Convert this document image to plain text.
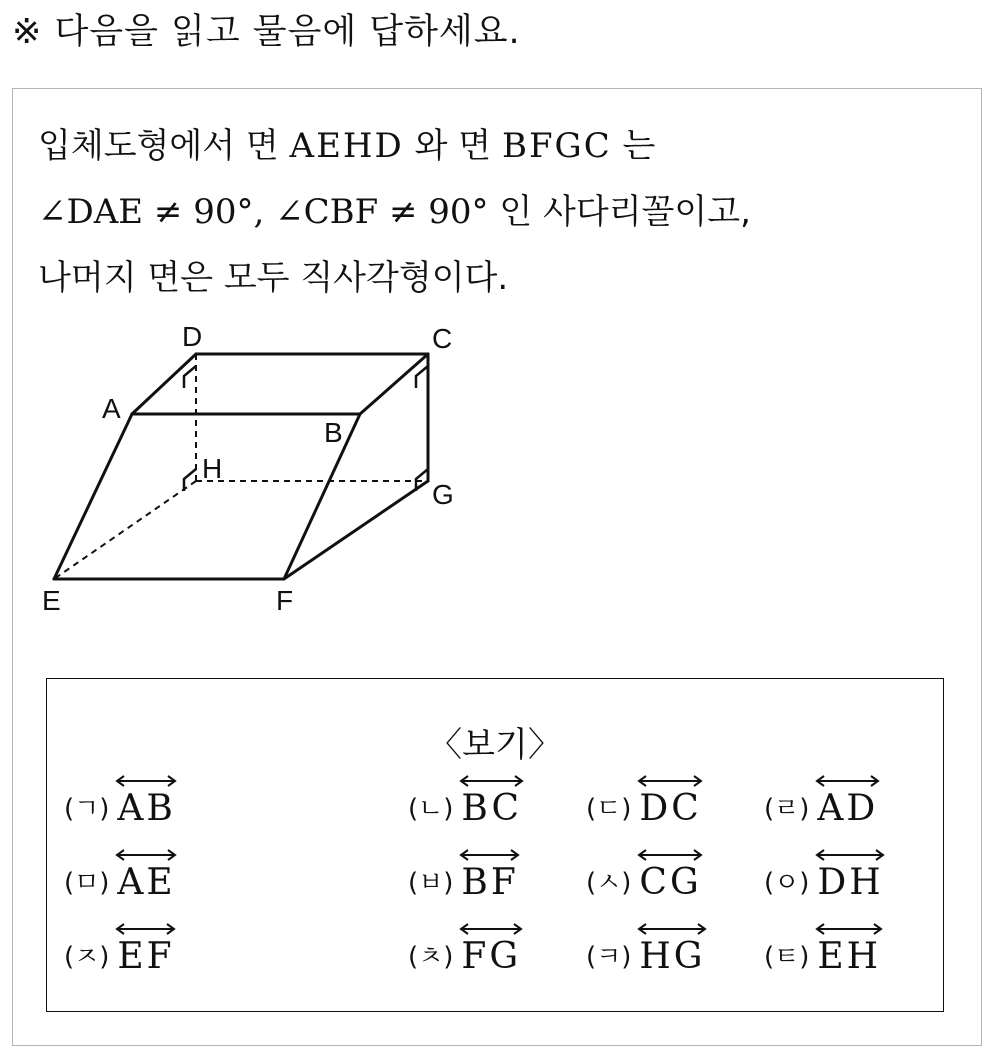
※ 다음을 읽고 물음에 답하세요.
입체도형에서 면 AEHD 와 면 BFGC 는
∠DAE ≠ 90°, ∠CBF ≠ 90° 인 사다리꼴이고,
나머지 면은 모두 직사각형이다.
D	C
A
B
H
G
E	F
〈보기〉
(ㄱ) AB	(ㄴ) BC (ㄷ) DC (ㄹ) AD
(ㅁ) AE	(ㅂ) BF	(ㅅ) CG (ㅇ) DH
(ㅈ) EF	(ㅊ) FG (ㅋ) HG (ㅌ) EH
